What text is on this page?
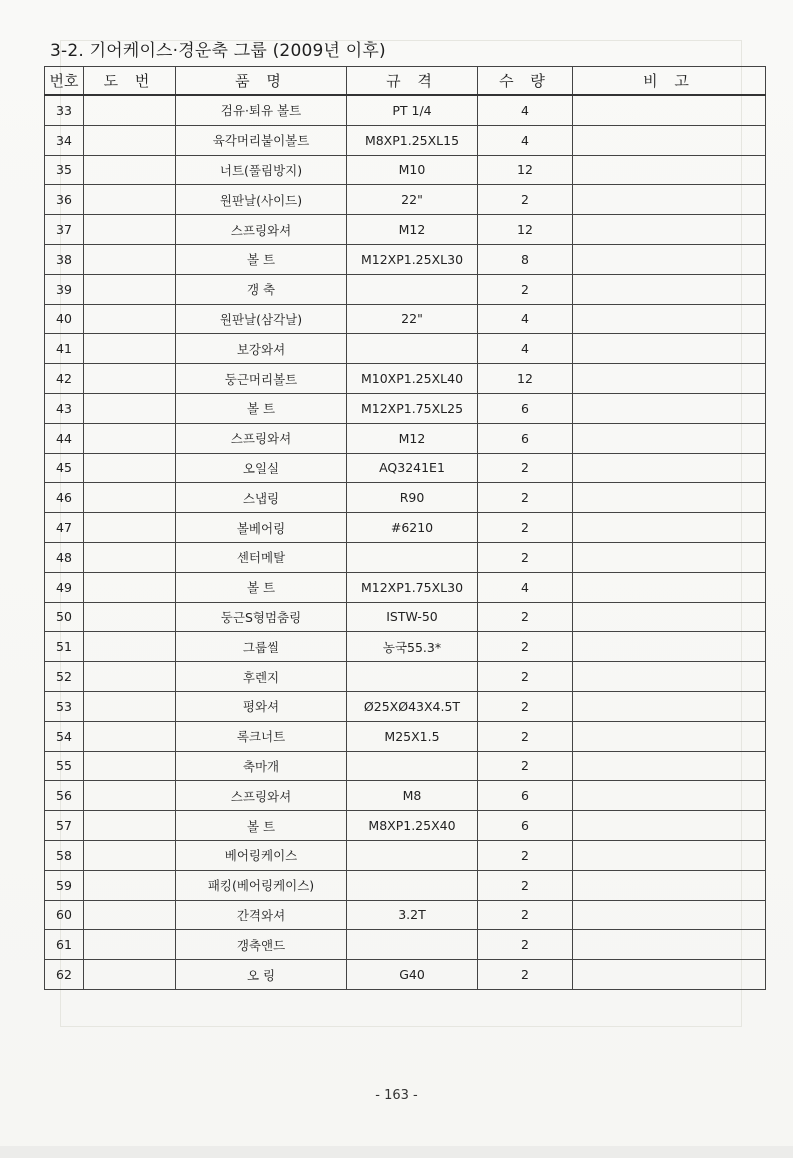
3-2. 기어케이스·경운축 그룹 (2009년 이후)
번호	도 번	품 명	규 격	수 량	비 고
33		검유·퇴유 볼트	PT 1/4	4	
34		육각머리붙이볼트	M8XP1.25XL15	4	
35		너트(풀림방지)	M10	12	
36		원판날(사이드)	22"	2	
37		스프링와셔	M12	12	
38		볼 트	M12XP1.25XL30	8	
39		갱 축		2	
40		원판날(삼각날)	22"	4	
41		보강와셔		4	
42		둥근머리볼트	M10XP1.25XL40	12	
43		볼 트	M12XP1.75XL25	6	
44		스프링와셔	M12	6	
45		오일실	AQ3241E1	2	
46		스냅링	R90	2	
47		볼베어링	#6210	2	
48		센터메탈		2	
49		볼 트	M12XP1.75XL30	4	
50		둥근S형멈춤링	ISTW-50	2	
51		그룹씰	농국55.3*	2	
52		후렌지		2	
53		평와셔	Ø25XØ43X4.5T	2	
54		록크너트	M25X1.5	2	
55		축마개		2	
56		스프링와셔	M8	6	
57		볼 트	M8XP1.25X40	6	
58		베어링케이스		2	
59		패킹(베어링케이스)		2	
60		간격와셔	3.2T	2	
61		갱축앤드		2	
62		오 링	G40	2	
- 163 -
